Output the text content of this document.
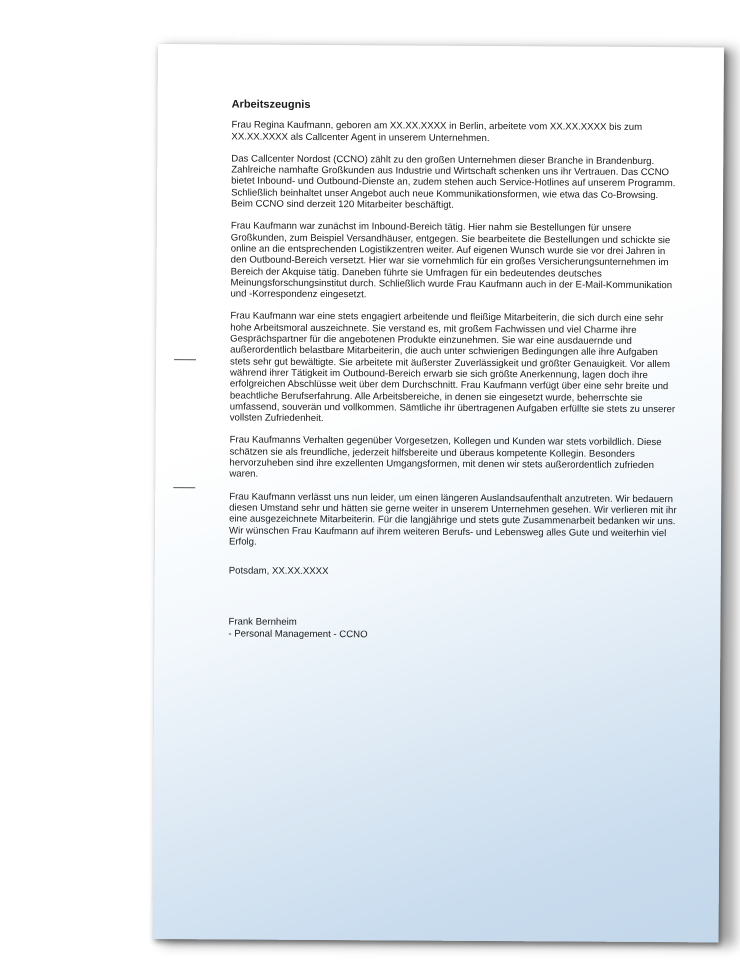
Arbeitszeugnis

Frau Regina Kaufmann, geboren am XX.XX.XXXX in Berlin, arbeitete vom XX.XX.XXXX bis zum
XX.XX.XXXX als Callcenter Agent in unserem Unternehmen.

Das Callcenter Nordost (CCNO) zählt zu den großen Unternehmen dieser Branche in Brandenburg.
Zahlreiche namhafte Großkunden aus Industrie und Wirtschaft schenken uns ihr Vertrauen. Das CCNO
bietet Inbound- und Outbound-Dienste an, zudem stehen auch Service-Hotlines auf unserem Programm.
Schließlich beinhaltet unser Angebot auch neue Kommunikationsformen, wie etwa das Co-Browsing.
Beim CCNO sind derzeit 120 Mitarbeiter beschäftigt.

Frau Kaufmann war zunächst im Inbound-Bereich tätig. Hier nahm sie Bestellungen für unsere
Großkunden, zum Beispiel Versandhäuser, entgegen. Sie bearbeitete die Bestellungen und schickte sie
online an die entsprechenden Logistikzentren weiter. Auf eigenen Wunsch wurde sie vor drei Jahren in
den Outbound-Bereich versetzt. Hier war sie vornehmlich für ein großes Versicherungsunternehmen im
Bereich der Akquise tätig. Daneben führte sie Umfragen für ein bedeutendes deutsches
Meinungsforschungsinstitut durch. Schließlich wurde Frau Kaufmann auch in der E-Mail-Kommunikation
und -Korrespondenz eingesetzt.

Frau Kaufmann war eine stets engagiert arbeitende und fleißige Mitarbeiterin, die sich durch eine sehr
hohe Arbeitsmoral auszeichnete. Sie verstand es, mit großem Fachwissen und viel Charme ihre
Gesprächspartner für die angebotenen Produkte einzunehmen. Sie war eine ausdauernde und
außerordentlich belastbare Mitarbeiterin, die auch unter schwierigen Bedingungen alle ihre Aufgaben
stets sehr gut bewältigte. Sie arbeitete mit äußerster Zuverlässigkeit und größter Genauigkeit. Vor allem
während ihrer Tätigkeit im Outbound-Bereich erwarb sie sich größte Anerkennung, lagen doch ihre
erfolgreichen Abschlüsse weit über dem Durchschnitt. Frau Kaufmann verfügt über eine sehr breite und
beachtliche Berufserfahrung. Alle Arbeitsbereiche, in denen sie eingesetzt wurde, beherrschte sie
umfassend, souverän und vollkommen. Sämtliche ihr übertragenen Aufgaben erfüllte sie stets zu unserer
vollsten Zufriedenheit.

Frau Kaufmanns Verhalten gegenüber Vorgesetzen, Kollegen und Kunden war stets vorbildlich. Diese
schätzen sie als freundliche, jederzeit hilfsbereite und überaus kompetente Kollegin. Besonders
hervorzuheben sind ihre exzellenten Umgangsformen, mit denen wir stets außerordentlich zufrieden
waren.

Frau Kaufmann verlässt uns nun leider, um einen längeren Auslandsaufenthalt anzutreten. Wir bedauern
diesen Umstand sehr und hätten sie gerne weiter in unserem Unternehmen gesehen. Wir verlieren mit ihr
eine ausgezeichnete Mitarbeiterin. Für die langjährige und stets gute Zusammenarbeit bedanken wir uns.
Wir wünschen Frau Kaufmann auf ihrem weiteren Berufs- und Lebensweg alles Gute und weiterhin viel
Erfolg.

Potsdam, XX.XX.XXXX
Frank Bernheim
- Personal Management - CCNO
